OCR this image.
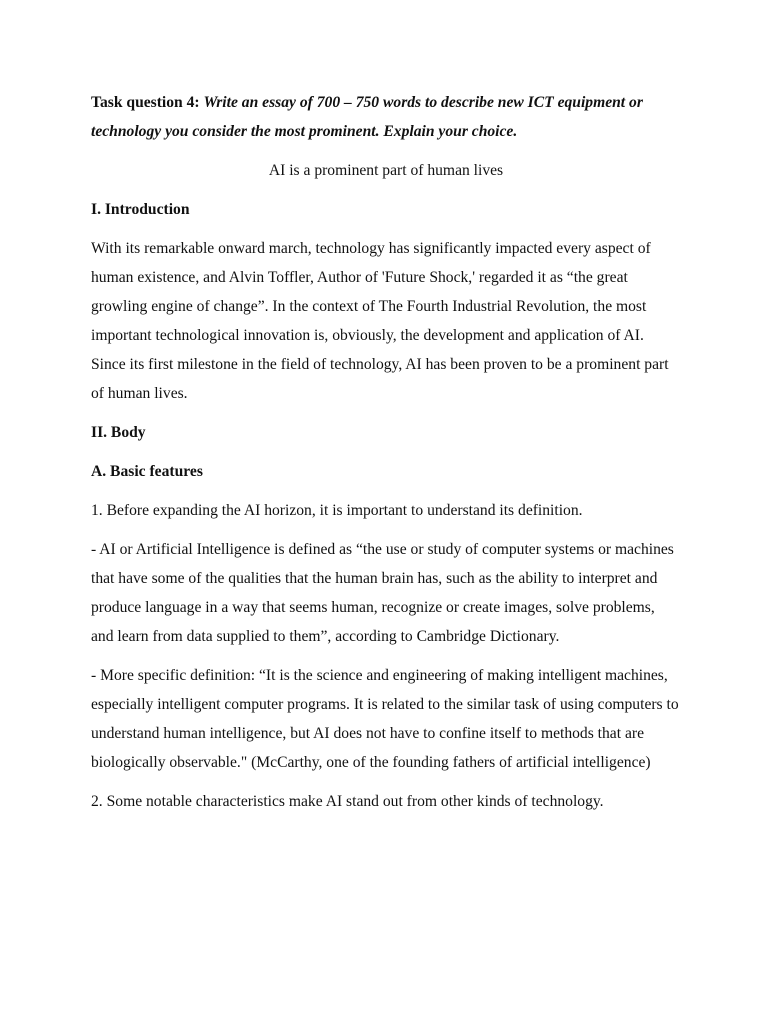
Task question 4: Write an essay of 700 – 750 words to describe new ICT equipment or technology you consider the most prominent. Explain your choice.

AI is a prominent part of human lives

I. Introduction

With its remarkable onward march, technology has significantly impacted every aspect of human existence, and Alvin Toffler, Author of 'Future Shock,' regarded it as “the great growling engine of change”. In the context of The Fourth Industrial Revolution, the most important technological innovation is, obviously, the development and application of AI. Since its first milestone in the field of technology, AI has been proven to be a prominent part of human lives.

II. Body

A. Basic features

1. Before expanding the AI horizon, it is important to understand its definition.

- AI or Artificial Intelligence is defined as “the use or study of computer systems or machines that have some of the qualities that the human brain has, such as the ability to interpret and produce language in a way that seems human, recognize or create images, solve problems, and learn from data supplied to them”, according to Cambridge Dictionary.

- More specific definition: “It is the science and engineering of making intelligent machines, especially intelligent computer programs. It is related to the similar task of using computers to understand human intelligence, but AI does not have to confine itself to methods that are biologically observable." (McCarthy, one of the founding fathers of artificial intelligence)

2. Some notable characteristics make AI stand out from other kinds of technology.
